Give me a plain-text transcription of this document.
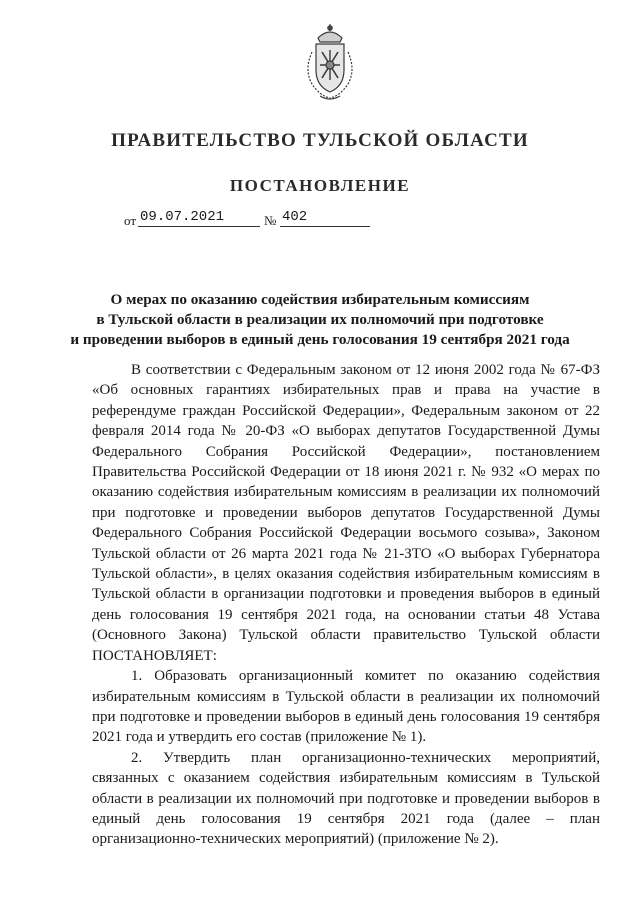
ПРАВИТЕЛЬСТВО ТУЛЬСКОЙ ОБЛАСТИ
ПОСТАНОВЛЕНИЕ
от 09.07.2021	№ 402
О мерах по оказанию содействия избирательным комиссиям
в Тульской области в реализации их полномочий при подготовке
и проведении выборов в единый день голосования 19 сентября 2021 года

В соответствии с Федеральным законом от 12 июня 2002 года № 67-ФЗ «Об основных гарантиях избирательных прав и права на участие в референдуме граждан Российской Федерации», Федеральным законом от 22 февраля 2014 года № 20-ФЗ «О выборах депутатов Государственной Думы Федерального Собрания Российской Федерации», постановлением Правительства Российской Федерации от 18 июня 2021 г. № 932 «О мерах по оказанию содействия избирательным комиссиям в реализации их полномочий при подготовке и проведении выборов депутатов Государственной Думы Федерального Собрания Российской Федерации восьмого созыва», Законом Тульской области от 26 марта 2021 года № 21-ЗТО «О выборах Губернатора Тульской области», в целях оказания содействия избирательным комиссиям в Тульской области в организации подготовки и проведения выборов в единый день голосования 19 сентября 2021 года, на основании статьи 48 Устава (Основного Закона) Тульской области правительство Тульской области ПОСТАНОВЛЯЕТ:

1. Образовать организационный комитет по оказанию содействия избирательным комиссиям в Тульской области в реализации их полномочий при подготовке и проведении выборов в единый день голосования 19 сентября 2021 года и утвердить его состав (приложение № 1).

2. Утвердить план организационно-технических мероприятий, связанных с оказанием содействия избирательным комиссиям в Тульской области в реализации их полномочий при подготовке и проведении выборов в единый день голосования 19 сентября 2021 года (далее – план организационно-технических мероприятий) (приложение № 2).
